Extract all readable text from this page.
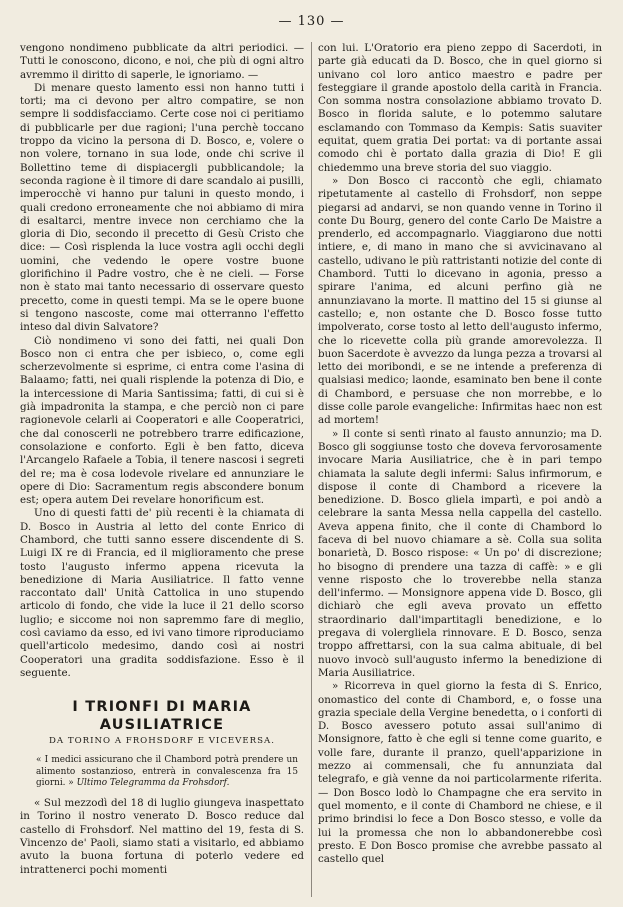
— 130 —

vengono nondimeno pubblicate da altri periodici. — Tutti le conoscono, dicono, e noi, che più di ogni altro avremmo il diritto di saperle, le ignoriamo. —

Di menare questo lamento essi non hanno tutti i torti; ma ci devono per altro compatire, se non sempre li soddisfacciamo. Certe cose noi ci peritiamo di pubblicarle per due ragioni; l'una perchè toccano troppo da vicino la persona di D. Bosco, e, volere o non volere, tornano in sua lode, onde chi scrive il Bollettino teme di dispiacergli pubblicandole; la seconda ragione è il timore di dare scandalo ai pusilli, imperocchè vi hanno pur taluni in questo mondo, i quali credono erroneamente che noi abbiamo di mira di esaltarci, mentre invece non cerchiamo che la gloria di Dio, secondo il precetto di Gesù Cristo che dice: — Così risplenda la luce vostra agli occhi degli uomini, che vedendo le opere vostre buone glorifichino il Padre vostro, che è ne cieli. — Forse non è stato mai tanto necessario di osservare questo precetto, come in questi tempi. Ma se le opere buone si tengono nascoste, come mai otterranno l'effetto inteso dal divin Salvatore?

Ciò nondimeno vi sono dei fatti, nei quali Don Bosco non ci entra che per isbieco, o, come egli scherzevolmente si esprime, ci entra come l'asina di Balaamo; fatti, nei quali risplende la potenza di Dio, e la intercessione di Maria Santissima; fatti, di cui si è già impadronita la stampa, e che perciò non ci pare ragionevole celarli ai Cooperatori e alle Cooperatrici, che dal conoscerli ne potrebbero trarre edificazione, consolazione e conforto. Egli è ben fatto, diceva l'Arcangelo Rafaele a Tobia, il tenere nascosi i segreti del re; ma è cosa lodevole rivelare ed annunziare le opere di Dio: Sacramentum regis abscondere bonum est; opera autem Dei revelare honorificum est.

Uno di questi fatti de' più recenti è la chiamata di D. Bosco in Austria al letto del conte Enrico di Chambord, che tutti sanno essere discendente di S. Luigi IX re di Francia, ed il miglioramento che prese tosto l'augusto infermo appena ricevuta la benedizione di Maria Ausiliatrice. Il fatto venne raccontato dall' Unità Cattolica in uno stupendo articolo di fondo, che vide la luce il 21 dello scorso luglio; e siccome noi non sapremmo fare di meglio, così caviamo da esso, ed ivi vano timore riproduciamo quell'articolo medesimo, dando così ai nostri Cooperatori una gradita soddisfazione. Esso è il seguente.

I TRIONFI DI MARIA AUSILIATRICE
DA TORINO A FROHSDORF E VICEVERSA.
« I medici assicurano che il Chambord potrà prendere un alimento sostanzioso, entrerà in convalescenza fra 15 giorni. » Ultimo Telegramma da Frohsdorf.

« Sul mezzodì del 18 di luglio giungeva inaspettato in Torino il nostro venerato D. Bosco reduce dal castello di Frohsdorf. Nel mattino del 19, festa di S. Vincenzo de' Paoli, siamo stati a visitarlo, ed abbiamo avuto la buona fortuna di poterlo vedere ed intrattenerci pochi momenti

con lui. L'Oratorio era pieno zeppo di Sacerdoti, in parte già educati da D. Bosco, che in quel giorno si univano col loro antico maestro e padre per festeggiare il grande apostolo della carità in Francia. Con somma nostra consolazione abbiamo trovato D. Bosco in florida salute, e lo potemmo salutare esclamando con Tommaso da Kempis: Satis suaviter equitat, quem gratia Dei portat: va di portante assai comodo chi è portato dalla grazia di Dio! E gli chiedemmo una breve storia del suo viaggio.

» Don Bosco ci raccontò che egli, chiamato ripetutamente al castello di Frohsdorf, non seppe piegarsi ad andarvi, se non quando venne in Torino il conte Du Bourg, genero del conte Carlo De Maistre a prenderlo, ed accompagnarlo. Viaggiarono due notti intiere, e, di mano in mano che si avvicinavano al castello, udivano le più rattristanti notizie del conte di Chambord. Tutti lo dicevano in agonia, presso a spirare l'anima, ed alcuni perfino già ne annunziavano la morte. Il mattino del 15 si giunse al castello; e, non ostante che D. Bosco fosse tutto impolverato, corse tosto al letto dell'augusto infermo, che lo ricevette colla più grande amorevolezza. Il buon Sacerdote è avvezzo da lunga pezza a trovarsi al letto dei moribondi, e se ne intende a preferenza di qualsiasi medico; laonde, esaminato ben bene il conte di Chambord, e persuase che non morrebbe, e lo disse colle parole evangeliche: Infirmitas haec non est ad mortem!

» Il conte si sentì rinato al fausto annunzio; ma D. Bosco gli soggiunse tosto che doveva fervorosamente invocare Maria Ausiliatrice, che è in pari tempo chiamata la salute degli infermi: Salus infirmorum, e dispose il conte di Chambord a ricevere la benedizione. D. Bosco gliela impartì, e poi andò a celebrare la santa Messa nella cappella del castello. Aveva appena finito, che il conte di Chambord lo faceva di bel nuovo chiamare a sè. Colla sua solita bonarietà, D. Bosco rispose: « Un po' di discrezione; ho bisogno di prendere una tazza di caffè: » e gli venne risposto che lo troverebbe nella stanza dell'infermo. — Monsignore appena vide D. Bosco, gli dichiarò che egli aveva provato un effetto straordinario dall'impartitagli benedizione, e lo pregava di volergliela rinnovare. E D. Bosco, senza troppo affrettarsi, con la sua calma abituale, di bel nuovo invocò sull'augusto infermo la benedizione di Maria Ausiliatrice.

» Ricorreva in quel giorno la festa di S. Enrico, onomastico del conte di Chambord, e, o fosse una grazia speciale della Vergine benedetta, o i conforti di D. Bosco avessero potuto assai sull'animo di Monsignore, fatto è che egli si tenne come guarito, e volle fare, durante il pranzo, quell'apparizione in mezzo ai commensali, che fu annunziata dal telegrafo, e già venne da noi particolarmente riferita. — Don Bosco lodò lo Champagne che era servito in quel momento, e il conte di Chambord ne chiese, e il primo brindisi lo fece a Don Bosco stesso, e volle da lui la promessa che non lo abbandonerebbe così presto. E Don Bosco promise che avrebbe passato al castello quel
